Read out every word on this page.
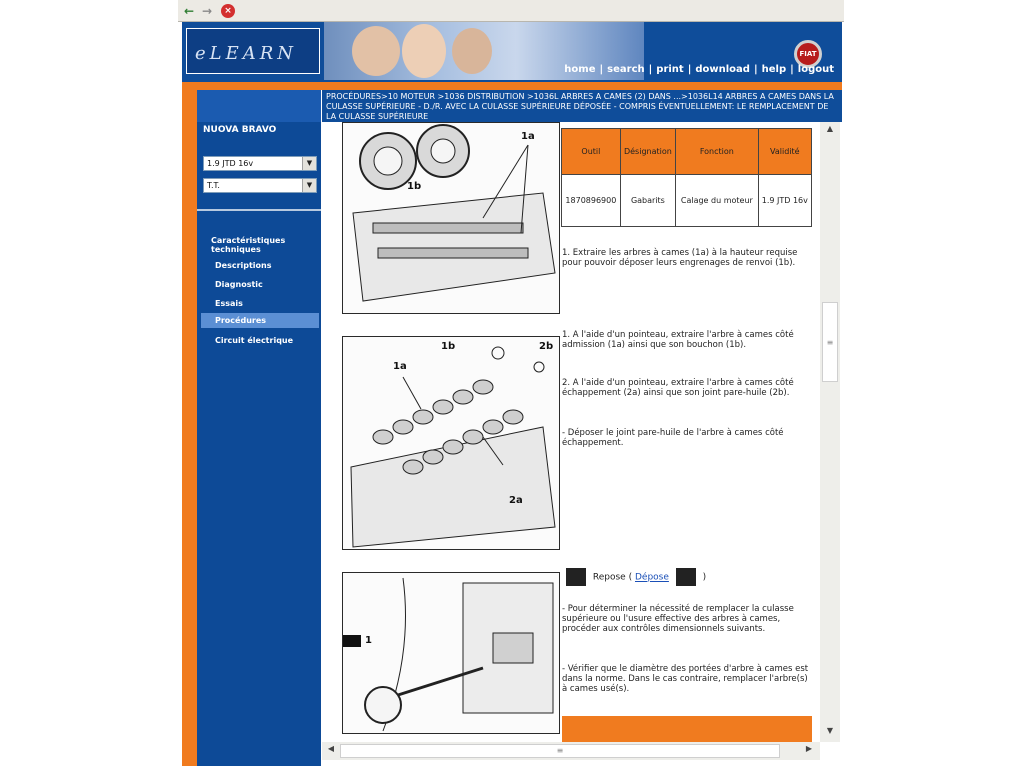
← →	×
eLEARN	FIAT
home | search | print | download | help | logout
NUOVA BRAVO
1.9 JTD 16v	▼
T.T.	▼
Caractéristiques techniques
Descriptions
Diagnostic
Essais
Procédures
Circuit électrique
PROCÉDURES>10 MOTEUR >1036 DISTRIBUTION >1036L ARBRES A CAMES (2) DANS ...>1036L14 ARBRES A CAMES DANS LA CULASSE SUPÉRIEURE - D./R. AVEC LA CULASSE SUPÉRIEURE DÉPOSÉE - COMPRIS ÉVENTUELLEMENT: LE REMPLACEMENT DE LA CULASSE SUPÉRIEURE
1a
1b
1b	2b
1a
2a
1
Outil	Désignation	Fonction	Validité
1870896900	Gabarits	Calage du moteur	1.9 JTD 16v
1. Extraire les arbres à cames (1a) à la hauteur requise pour pouvoir déposer leurs engrenages de renvoi (1b).
1. A l'aide d'un pointeau, extraire l'arbre à cames côté admission (1a) ainsi que son bouchon (1b).
2. A l'aide d'un pointeau, extraire l'arbre à cames côté échappement (2a) ainsi que son joint pare-huile (2b).
- Déposer le joint pare-huile de l'arbre à cames côté échappement.
Repose ( Dépose	)
- Pour déterminer la nécessité de remplacer la culasse supérieure ou l'usure effective des arbres à cames, procéder aux contrôles dimensionnels suivants.
- Vérifier que le diamètre des portées d'arbre à cames est dans la norme. Dans le cas contraire, remplacer l'arbre(s) à cames usé(s).
▲
≡
▼
◀	≡	▶
